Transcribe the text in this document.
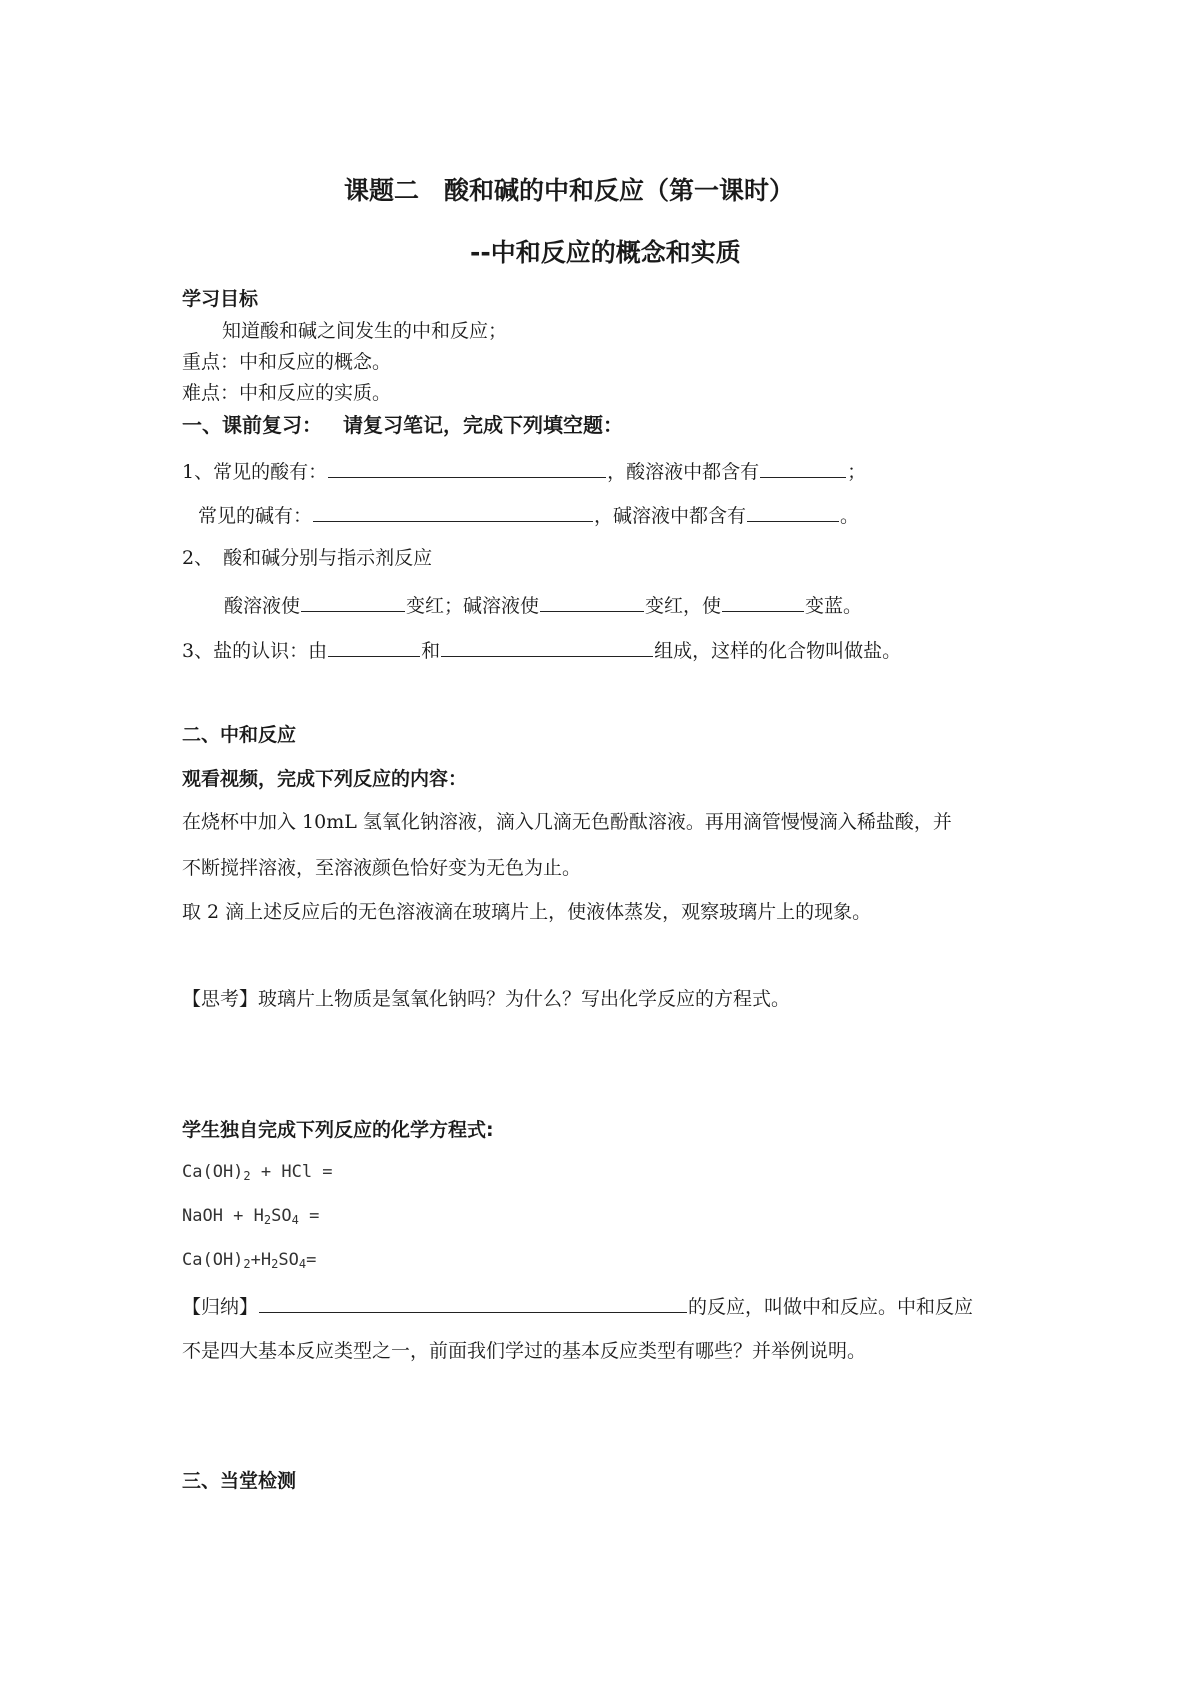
课题二　酸和碱的中和反应（第一课时）
--中和反应的概念和实质
学习目标
知道酸和碱之间发生的中和反应；
重点：中和反应的概念。
难点：中和反应的实质。
一、课前复习： 请复习笔记，完成下列填空题：
1、常见的酸有：	，酸溶液中都含有	；
常见的碱有：	，碱溶液中都含有	。
2、 酸和碱分别与指示剂反应
酸溶液使	变红；碱溶液使	变红，使	变蓝。
3、盐的认识：由	和	组成，这样的化合物叫做盐。
二、中和反应
观看视频，完成下列反应的内容：
在烧杯中加入 10mL 氢氧化钠溶液，滴入几滴无色酚酞溶液。再用滴管慢慢滴入稀盐酸，并
不断搅拌溶液，至溶液颜色恰好变为无色为止。
取 2 滴上述反应后的无色溶液滴在玻璃片上，使液体蒸发，观察玻璃片上的现象。
【思考】玻璃片上物质是氢氧化钠吗？为什么？写出化学反应的方程式。
学生独自完成下列反应的化学方程式:
$Ca(OH)_2$ + HCl =
NaOH + $H_2SO_4$ =
$Ca(OH)_2+H_2SO_4=$
【归纳】	的反应，叫做中和反应。中和反应
不是四大基本反应类型之一，前面我们学过的基本反应类型有哪些？并举例说明。
三、当堂检测
